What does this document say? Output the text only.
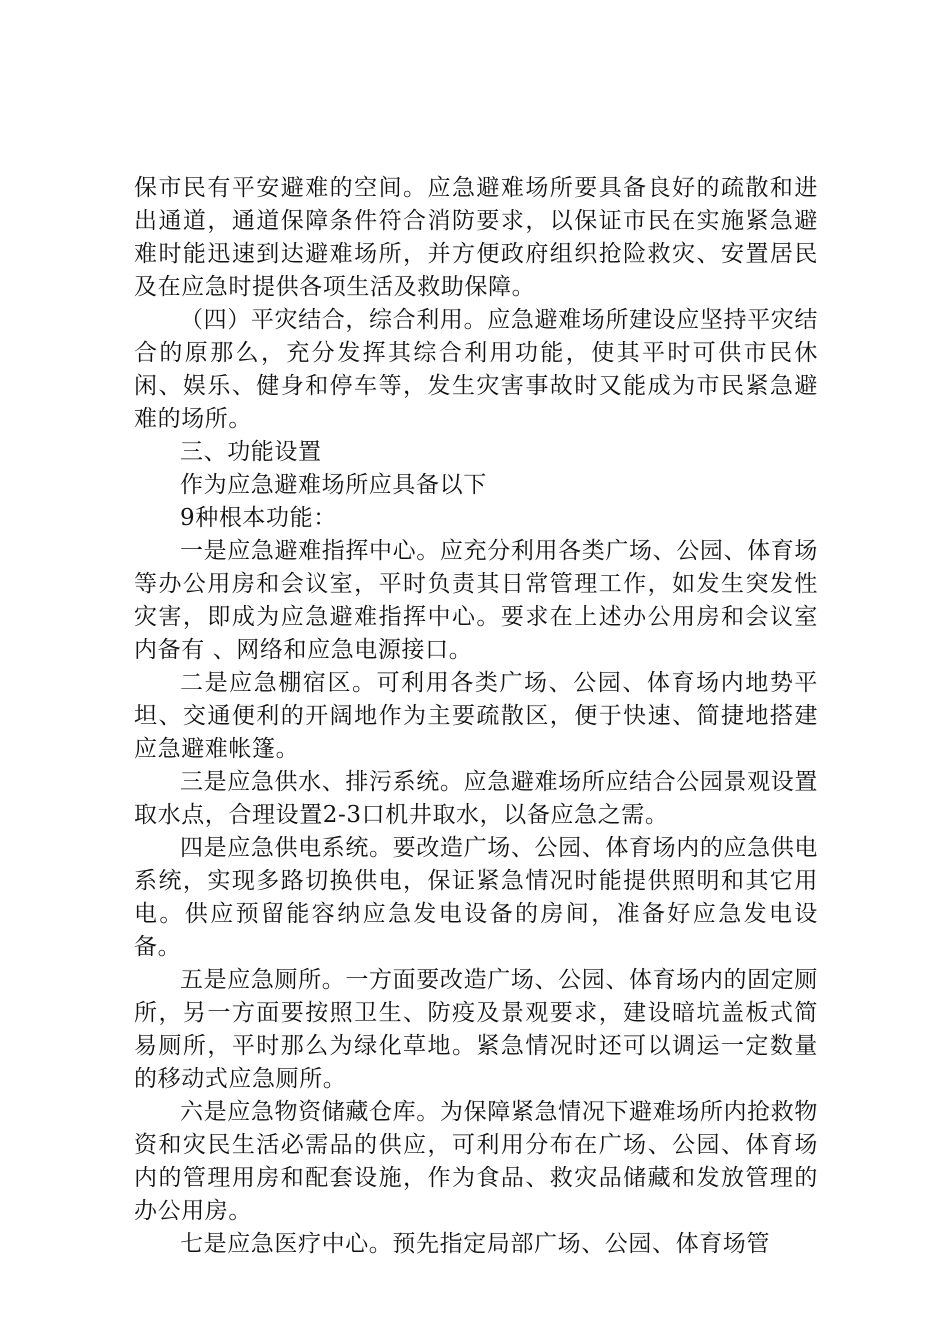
保市民有平安避难的空间。应急避难场所要具备良好的疏散和进出通道，通道保障条件符合消防要求，以保证市民在实施紧急避难时能迅速到达避难场所，并方便政府组织抢险救灾、安置居民及在应急时提供各项生活及救助保障。

（四）平灾结合，综合利用。应急避难场所建设应坚持平灾结合的原那么，充分发挥其综合利用功能，使其平时可供市民休闲、娱乐、健身和停车等，发生灾害事故时又能成为市民紧急避难的场所。

三、功能设置

作为应急避难场所应具备以下

9种根本功能：

一是应急避难指挥中心。应充分利用各类广场、公园、体育场等办公用房和会议室，平时负责其日常管理工作，如发生突发性灾害，即成为应急避难指挥中心。要求在上述办公用房和会议室内备有 、网络和应急电源接口。

二是应急棚宿区。可利用各类广场、公园、体育场内地势平坦、交通便利的开阔地作为主要疏散区，便于快速、简捷地搭建应急避难帐篷。

三是应急供水、排污系统。应急避难场所应结合公园景观设置取水点，合理设置2-3口机井取水，以备应急之需。

四是应急供电系统。要改造广场、公园、体育场内的应急供电系统，实现多路切换供电，保证紧急情况时能提供照明和其它用电。供应预留能容纳应急发电设备的房间，准备好应急发电设备。

五是应急厕所。一方面要改造广场、公园、体育场内的固定厕所，另一方面要按照卫生、防疫及景观要求，建设暗坑盖板式简易厕所，平时那么为绿化草地。紧急情况时还可以调运一定数量的移动式应急厕所。

六是应急物资储藏仓库。为保障紧急情况下避难场所内抢救物资和灾民生活必需品的供应，可利用分布在广场、公园、体育场内的管理用房和配套设施，作为食品、救灾品储藏和发放管理的办公用房。

七是应急医疗中心。预先指定局部广场、公园、体育场管
